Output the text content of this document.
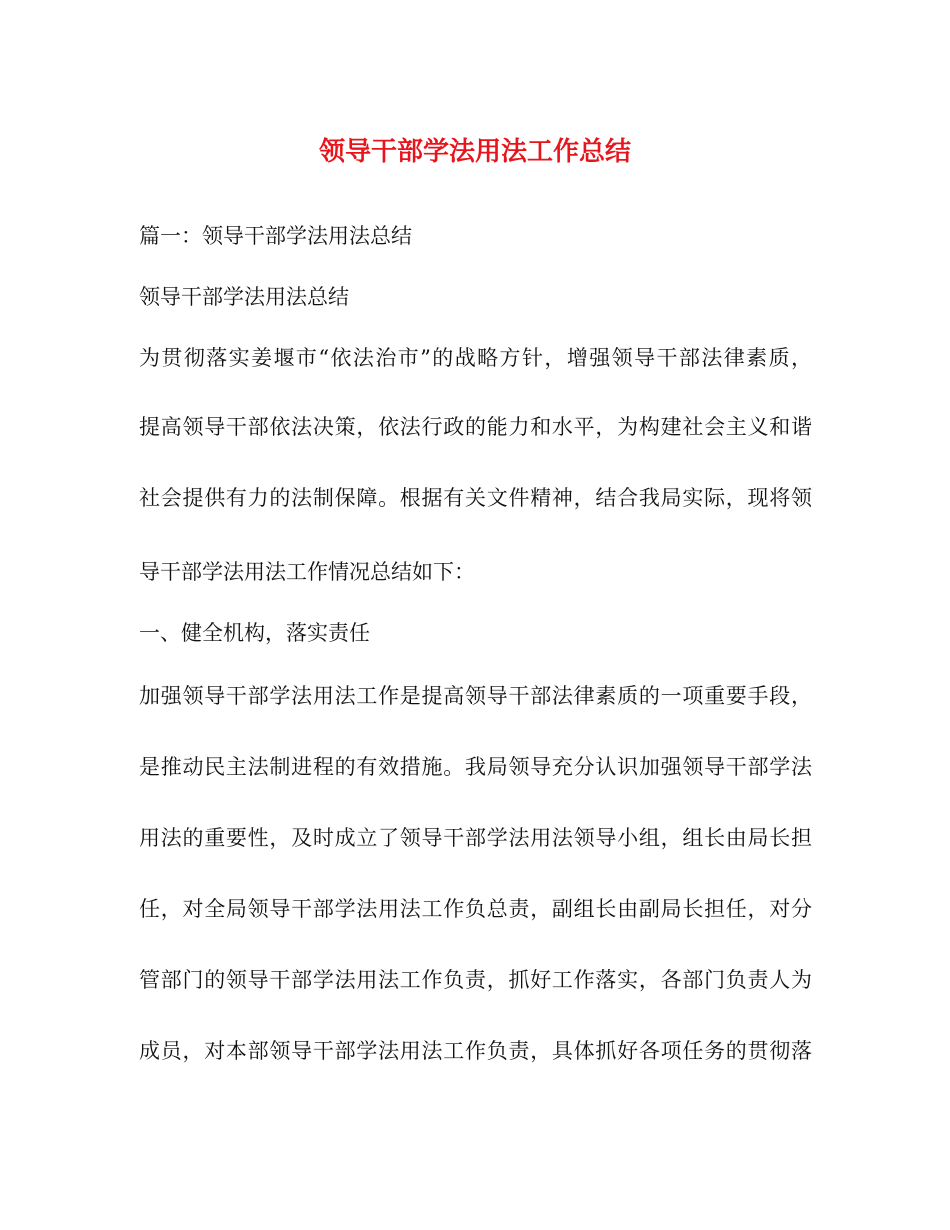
领导干部学法用法工作总结
篇一：领导干部学法用法总结
领导干部学法用法总结
为贯彻落实姜堰市“依法治市”的战略方针，增强领导干部法律素质，
提高领导干部依法决策，依法行政的能力和水平，为构建社会主义和谐
社会提供有力的法制保障。根据有关文件精神，结合我局实际，现将领
导干部学法用法工作情况总结如下：
一、健全机构，落实责任
加强领导干部学法用法工作是提高领导干部法律素质的一项重要手段，
是推动民主法制进程的有效措施。我局领导充分认识加强领导干部学法
用法的重要性，及时成立了领导干部学法用法领导小组，组长由局长担
任，对全局领导干部学法用法工作负总责，副组长由副局长担任，对分
管部门的领导干部学法用法工作负责，抓好工作落实，各部门负责人为
成员，对本部领导干部学法用法工作负责，具体抓好各项任务的贯彻落
